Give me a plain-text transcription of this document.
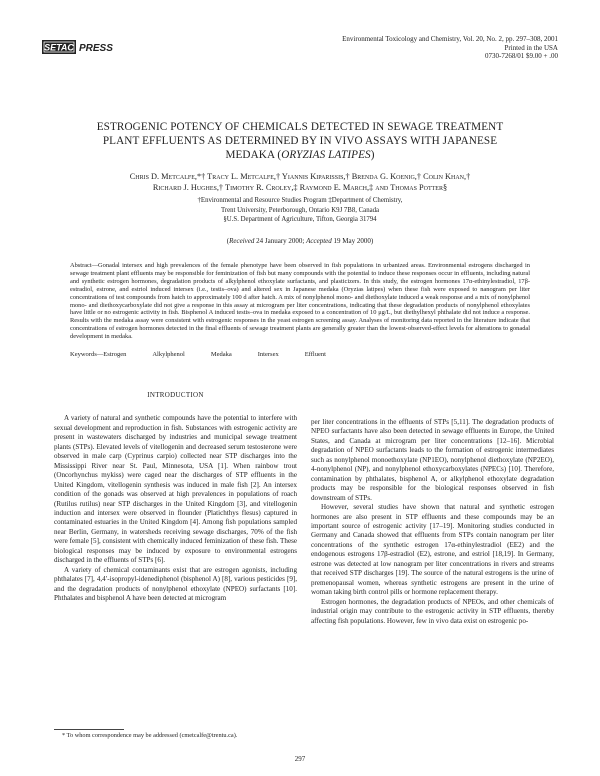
SETAC PRESS
Environmental Toxicology and Chemistry, Vol. 20, No. 2, pp. 297–308, 2001
Printed in the USA
0730-7268/01 $9.00 + .00
ESTROGENIC POTENCY OF CHEMICALS DETECTED IN SEWAGE TREATMENT
PLANT EFFLUENTS AS DETERMINED BY IN VIVO ASSAYS WITH JAPANESE
MEDAKA (ORYZIAS LATIPES)
Chris D. Metcalfe,*† Tracy L. Metcalfe,† Yiannis Kiparissis,† Brenda G. Koenig,† Colin Khan,†
Richard J. Hughes,† Timothy R. Croley,‡ Raymond E. March,‡ and Thomas Potter§
†Environmental and Resource Studies Program ‡Department of Chemistry,
Trent University, Peterborough, Ontario K9J 7B8, Canada
§U.S. Department of Agriculture, Tifton, Georgia 31794
(Received 24 January 2000; Accepted 19 May 2000)
Abstract—Gonadal intersex and high prevalences of the female phenotype have been observed in fish populations in urbanized areas. Environmental estrogens discharged in sewage treatment plant effluents may be responsible for feminization of fish but many compounds with the potential to induce these responses occur in effluents, including natural and synthetic estrogen hormones, degradation products of alkylphenol ethoxylate surfactants, and plasticizers. In this study, the estrogen hormones 17α-ethinylestradiol, 17β-estradiol, estrone, and estriol induced intersex (i.e., testis–ova) and altered sex in Japanese medaka (Oryzias latipes) when these fish were exposed to nanogram per liter concentrations of test compounds from hatch to approximately 100 d after hatch. A mix of nonylphenol mono- and diethoxylate induced a weak response and a mix of nonylphenol mono- and diethoxycarboxylate did not give a response in this assay at microgram per liter concentrations, indicating that these degradation products of nonylphenol ethoxylates have little or no estrogenic activity in fish. Bisphenol A induced testis–ova in medaka exposed to a concentration of 10 μg/L, but diethylhexyl phthalate did not induce a response. Results with the medaka assay were consistent with estrogenic responses in the yeast estrogen screening assay. Analyses of monitoring data reported in the literature indicate that concentrations of estrogen hormones detected in the final effluents of sewage treatment plants are generally greater than the lowest-observed-effect levels for alterations to gonadal development in medaka.
Keywords—Estrogen	Alkylphenol	Medaka	Intersex	Effluent

INTRODUCTION

A variety of natural and synthetic compounds have the potential to interfere with sexual development and reproduction in fish. Substances with estrogenic activity are present in wastewaters discharged by industries and municipal sewage treatment plants (STPs). Elevated levels of vitellogenin and decreased serum testosterone were observed in male carp (Cyprinus carpio) collected near STP discharges into the Mississippi River near St. Paul, Minnesota, USA [1]. When rainbow trout (Oncorhynchus mykiss) were caged near the discharges of STP effluents in the United Kingdom, vitellogenin synthesis was induced in male fish [2]. An intersex condition of the gonads was observed at high prevalences in populations of roach (Rutilus rutilus) near STP discharges in the United Kingdom [3], and vitellogenin induction and intersex were observed in flounder (Platichthys flesus) captured in contaminated estuaries in the United Kingdom [4]. Among fish populations sampled near Berlin, Germany, in watersheds receiving sewage discharges, 70% of the fish were female [5], consistent with chemically induced feminization of these fish. These biological responses may be induced by exposure to environmental estrogens discharged in the effluents of STPs [6].

A variety of chemical contaminants exist that are estrogen agonists, including phthalates [7], 4,4′-isopropyl-idenediphenol (bisphenol A) [8], various pesticides [9], and the degradation products of nonylphenol ethoxylate (NPEO) surfactants [10]. Phthalates and bisphenol A have been detected at microgram

per liter concentrations in the effluents of STPs [5,11]. The degradation products of NPEO surfactants have also been detected in sewage effluents in Europe, the United States, and Canada at microgram per liter concentrations [12–16]. Microbial degradation of NPEO surfactants leads to the formation of estrogenic intermediates such as nonylphenol monoethoxylate (NP1EO), nonylphenol diethoxylate (NP2EO), 4-nonylphenol (NP), and nonylphenol ethoxycarboxylates (NPECs) [10]. Therefore, contamination by phthalates, bisphenol A, or alkylphenol ethoxylate degradation products may be responsible for the biological responses observed in fish downstream of STPs.

However, several studies have shown that natural and synthetic estrogen hormones are also present in STP effluents and these compounds may be an important source of estrogenic activity [17–19]. Monitoring studies conducted in Germany and Canada showed that effluents from STPs contain nanogram per liter concentrations of the synthetic estrogen 17α-ethinylestradiol (EE2) and the endogenous estrogens 17β-estradiol (E2), estrone, and estriol [18,19]. In Germany, estrone was detected at low nanogram per liter concentrations in rivers and streams that received STP discharges [19]. The source of the natural estrogens is the urine of premenopausal women, whereas synthetic estrogens are present in the urine of woman taking birth control pills or hormone replacement therapy.

Estrogen hormones, the degradation products of NPEOs, and other chemicals of industrial origin may contribute to the estrogenic activity in STP effluents, thereby affecting fish populations. However, few in vivo data exist on estrogenic po-

* To whom correspondence may be addressed (cmetcalfe@trentu.ca).
297
